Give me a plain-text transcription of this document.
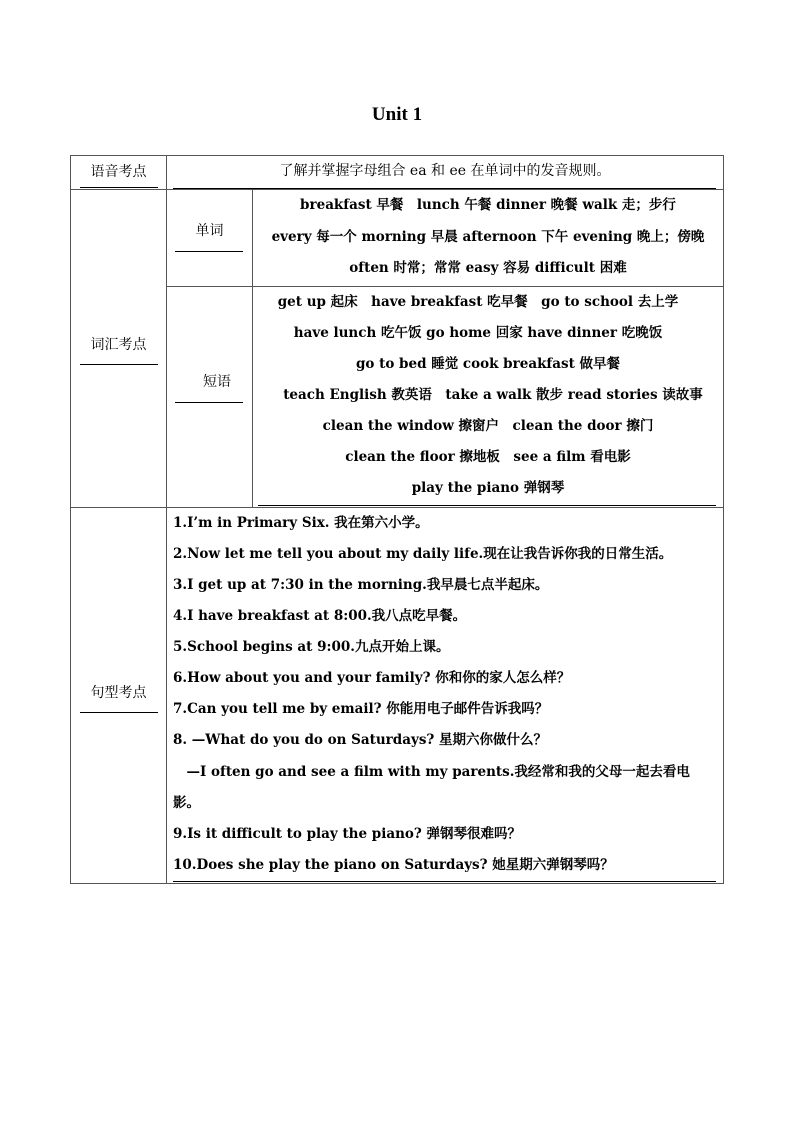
Unit 1
语音考点	了解并掌握字母组合 ea 和 ee 在单词中的发音规则。
词汇考点
单词
breakfast 早餐　lunch 午餐 dinner 晚餐 walk 走；步行
every 每一个 morning 早晨 afternoon 下午 evening 晚上；傍晚
often 时常；常常 easy 容易 difficult 困难
短语
get up 起床　have breakfast 吃早餐　go to school 去上学
have lunch 吃午饭 go home 回家 have dinner 吃晚饭
go to bed 睡觉 cook breakfast 做早餐
teach English 教英语　take a walk 散步 read stories 读故事
clean the window 擦窗户　clean the door 擦门
clean the floor 擦地板　see a film 看电影
play the piano 弹钢琴
句型考点
1.I’m in Primary Six. 我在第六小学。
2.Now let me tell you about my daily life.现在让我告诉你我的日常生活。
3.I get up at 7:30 in the morning.我早晨七点半起床。
4.I have breakfast at 8:00.我八点吃早餐。
5.School begins at 9:00.九点开始上课。
6.How about you and your family? 你和你的家人怎么样？
7.Can you tell me by email? 你能用电子邮件告诉我吗？
8. —What do you do on Saturdays? 星期六你做什么？
　—I often go and see a film with my parents.我经常和我的父母一起去看电
影。
9.Is it difficult to play the piano? 弹钢琴很难吗？
10.Does she play the piano on Saturdays? 她星期六弹钢琴吗？
